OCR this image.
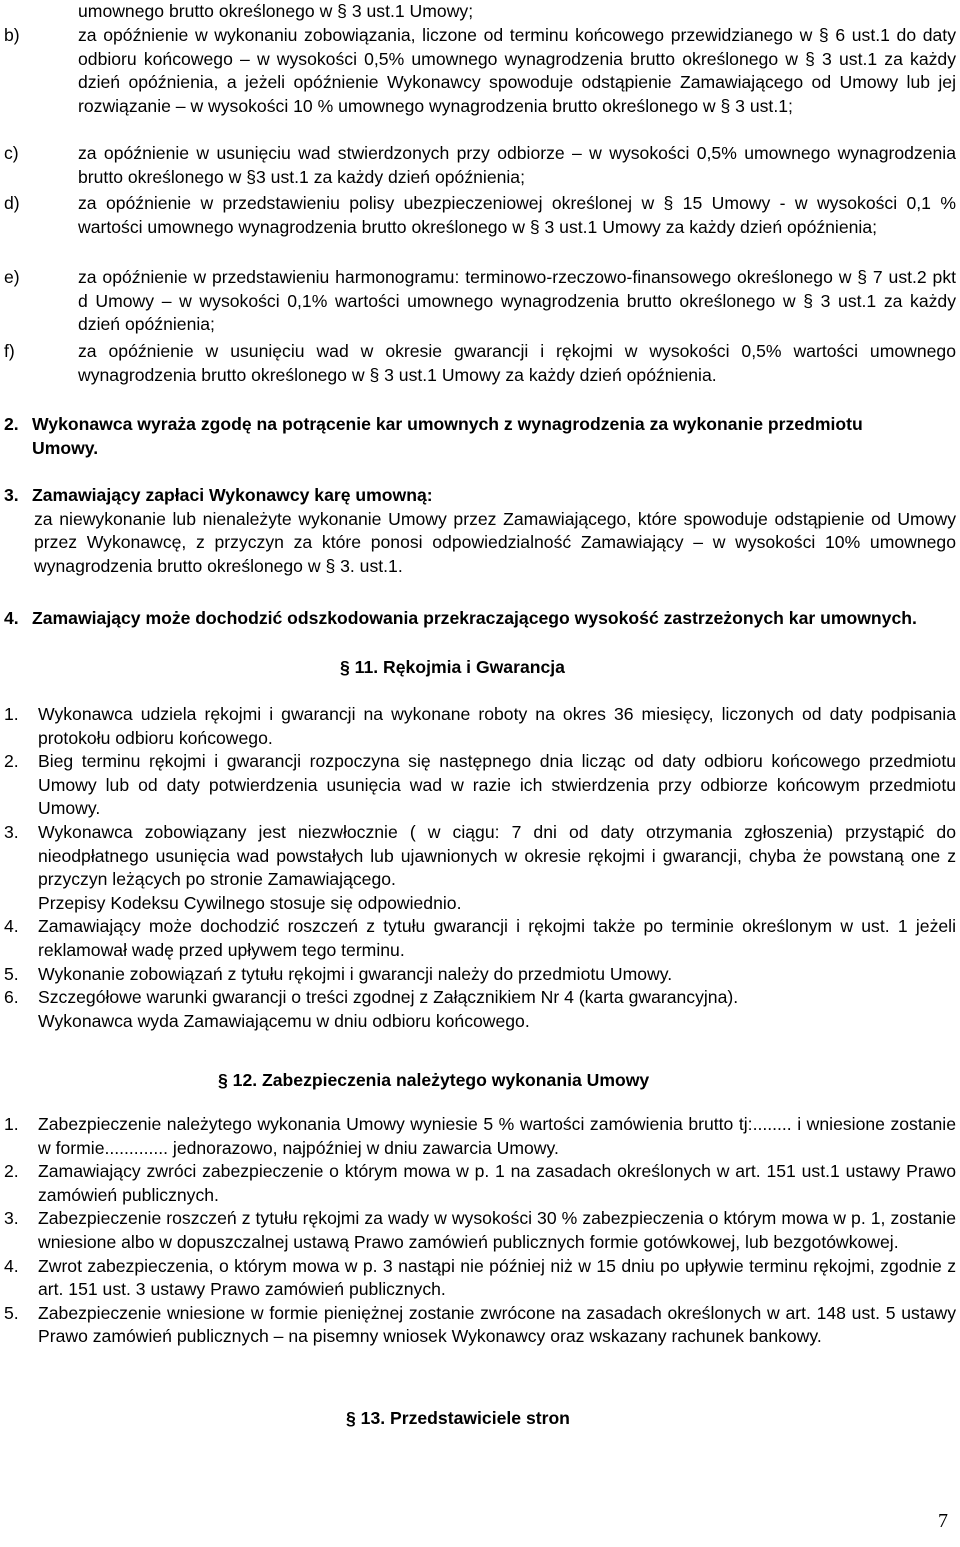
umownego brutto określonego w § 3 ust.1 Umowy;
b)	za opóźnienie w wykonaniu zobowiązania, liczone od terminu końcowego przewidzianego w § 6 ust.1 do daty odbioru końcowego – w wysokości 0,5% umownego wynagrodzenia brutto określonego w § 3 ust.1 za każdy dzień opóźnienia, a jeżeli opóźnienie Wykonawcy spowoduje odstąpienie Zamawiającego od Umowy lub jej rozwiązanie – w wysokości 10 % umownego wynagrodzenia brutto określonego w § 3 ust.1;
c)	za opóźnienie w usunięciu wad stwierdzonych przy odbiorze – w wysokości 0,5% umownego wynagrodzenia brutto określonego w §3 ust.1 za każdy dzień opóźnienia;
d)	za opóźnienie w przedstawieniu polisy ubezpieczeniowej określonej w § 15 Umowy - w wysokości 0,1 % wartości umownego wynagrodzenia brutto określonego w § 3 ust.1 Umowy za każdy dzień opóźnienia;
e)	za opóźnienie w przedstawieniu harmonogramu: terminowo-rzeczowo-finansowego określonego w § 7 ust.2 pkt d Umowy – w wysokości 0,1% wartości umownego wynagrodzenia brutto określonego w § 3 ust.1 za każdy dzień opóźnienia;
f)	za opóźnienie w usunięciu wad w okresie gwarancji i rękojmi w wysokości 0,5% wartości umownego wynagrodzenia brutto określonego w § 3 ust.1 Umowy za każdy dzień opóźnienia.
2. Wykonawca wyraża zgodę na potrącenie kar umownych z wynagrodzenia za wykonanie przedmiotu Umowy.
3. Zamawiający zapłaci Wykonawcy karę umowną:
za niewykonanie lub nienależyte wykonanie Umowy przez Zamawiającego, które spowoduje odstąpienie od Umowy przez Wykonawcę, z przyczyn za które ponosi odpowiedzialność Zamawiający – w wysokości 10% umownego wynagrodzenia brutto określonego w § 3. ust.1.
4. Zamawiający może dochodzić odszkodowania przekraczającego wysokość zastrzeżonych kar umownych.
§ 11. Rękojmia i Gwarancja
1. Wykonawca udziela rękojmi i gwarancji na wykonane roboty na okres 36 miesięcy, liczonych od daty podpisania protokołu odbioru końcowego.
2. Bieg terminu rękojmi i gwarancji rozpoczyna się następnego dnia licząc od daty odbioru końcowego przedmiotu Umowy lub od daty potwierdzenia usunięcia wad w razie ich stwierdzenia przy odbiorze końcowym przedmiotu Umowy.
3. Wykonawca zobowiązany jest niezwłocznie ( w ciągu: 7 dni od daty otrzymania zgłoszenia) przystąpić do nieodpłatnego usunięcia wad powstałych lub ujawnionych w okresie rękojmi i gwarancji, chyba że powstaną one z przyczyn leżących po stronie Zamawiającego.
Przepisy Kodeksu Cywilnego stosuje się odpowiednio.
4. Zamawiający może dochodzić roszczeń z tytułu gwarancji i rękojmi także po terminie określonym w ust. 1 jeżeli reklamował wadę przed upływem tego terminu.
5. Wykonanie zobowiązań z tytułu rękojmi i gwarancji należy do przedmiotu Umowy.
6. Szczegółowe warunki gwarancji o treści zgodnej z Załącznikiem Nr 4 (karta gwarancyjna).
Wykonawca wyda Zamawiającemu w dniu odbioru końcowego.
§ 12. Zabezpieczenia należytego wykonania Umowy
1. Zabezpieczenie należytego wykonania Umowy wyniesie 5 % wartości zamówienia brutto tj:........ i wniesione zostanie w formie............. jednorazowo, najpóźniej w dniu zawarcia Umowy.
2. Zamawiający zwróci zabezpieczenie o którym mowa w p. 1 na zasadach określonych w art. 151 ust.1 ustawy Prawo zamówień publicznych.
3. Zabezpieczenie roszczeń z tytułu rękojmi za wady w wysokości 30 % zabezpieczenia o którym mowa w p. 1, zostanie wniesione albo w dopuszczalnej ustawą Prawo zamówień publicznych formie gotówkowej, lub bezgotówkowej.
4. Zwrot zabezpieczenia, o którym mowa w p. 3 nastąpi nie później niż w 15 dniu po upływie terminu rękojmi, zgodnie z art. 151 ust. 3 ustawy Prawo zamówień publicznych.
5. Zabezpieczenie wniesione w formie pieniężnej zostanie zwrócone na zasadach określonych w art. 148 ust. 5 ustawy Prawo zamówień publicznych – na pisemny wniosek Wykonawcy oraz wskazany rachunek bankowy.
§ 13. Przedstawiciele stron
7
